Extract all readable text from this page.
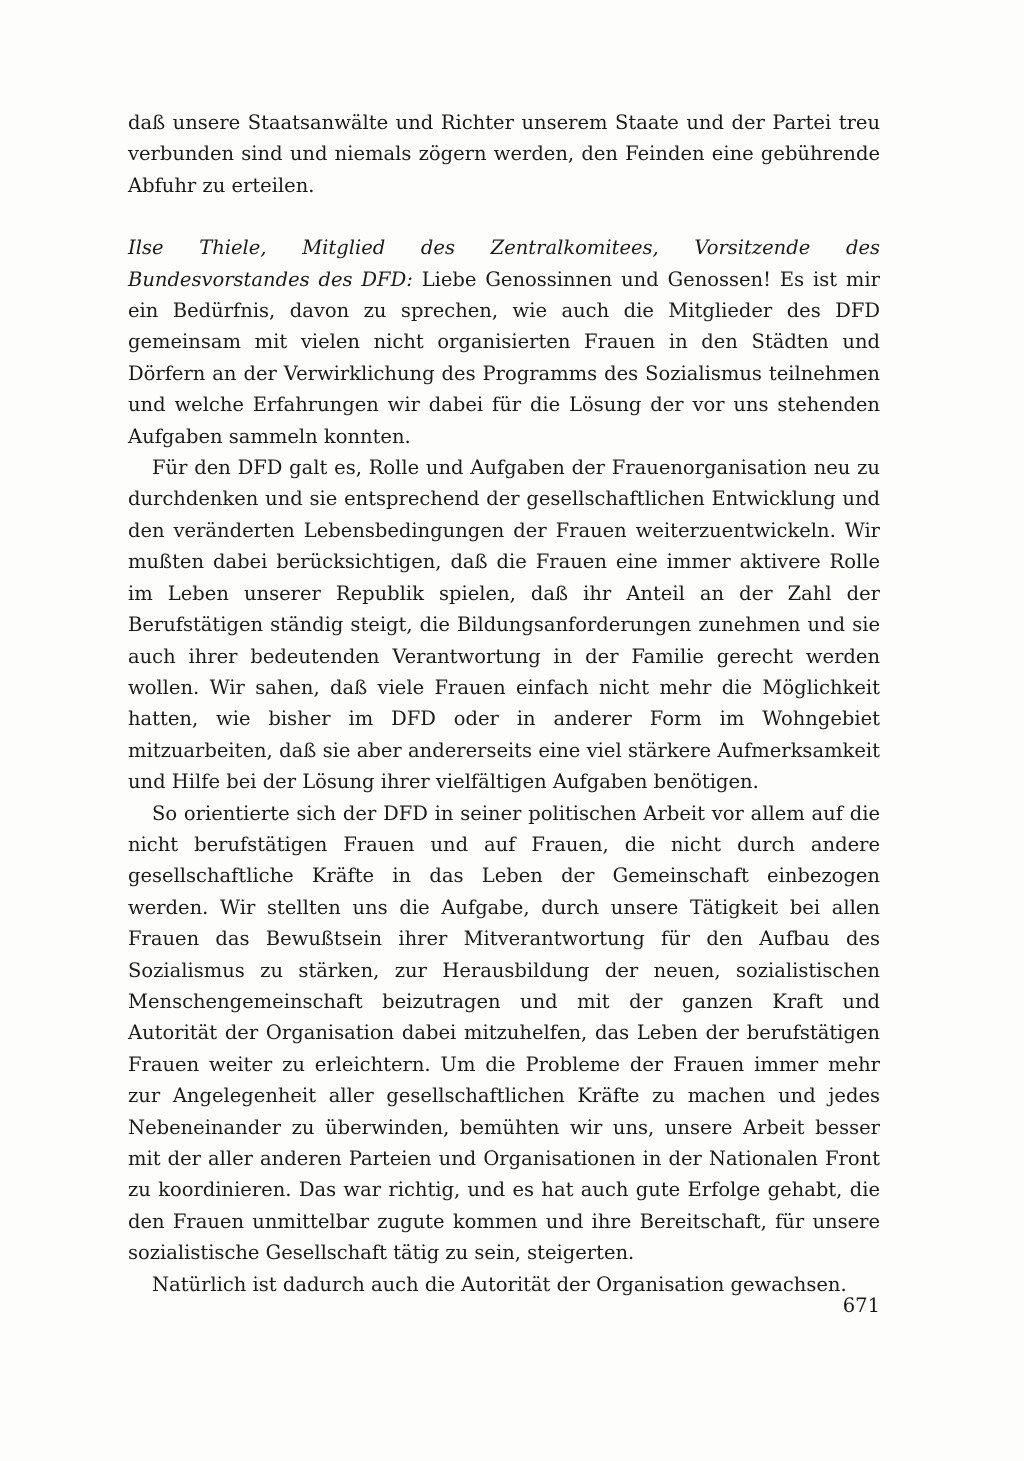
daß unsere Staatsanwälte und Richter unserem Staate und der Partei treu verbunden sind und niemals zögern werden, den Feinden eine gebührende Abfuhr zu erteilen.

Ilse Thiele, Mitglied des Zentralkomitees, Vorsitzende des Bundesvorstandes des DFD: Liebe Genossinnen und Genossen! Es ist mir ein Bedürfnis, davon zu sprechen, wie auch die Mitglieder des DFD gemeinsam mit vielen nicht organisierten Frauen in den Städten und Dörfern an der Verwirklichung des Programms des Sozialismus teilnehmen und welche Erfahrungen wir dabei für die Lösung der vor uns stehenden Aufgaben sammeln konnten.

Für den DFD galt es, Rolle und Aufgaben der Frauenorganisation neu zu durchdenken und sie entsprechend der gesellschaftlichen Entwicklung und den veränderten Lebensbedingungen der Frauen weiterzuentwickeln. Wir mußten dabei berücksichtigen, daß die Frauen eine immer aktivere Rolle im Leben unserer Republik spielen, daß ihr Anteil an der Zahl der Berufstätigen ständig steigt, die Bildungsanforderungen zunehmen und sie auch ihrer bedeutenden Verantwortung in der Familie gerecht werden wollen. Wir sahen, daß viele Frauen einfach nicht mehr die Möglichkeit hatten, wie bisher im DFD oder in anderer Form im Wohngebiet mitzuarbeiten, daß sie aber andererseits eine viel stärkere Aufmerksamkeit und Hilfe bei der Lösung ihrer vielfältigen Aufgaben benötigen.

So orientierte sich der DFD in seiner politischen Arbeit vor allem auf die nicht berufstätigen Frauen und auf Frauen, die nicht durch andere gesellschaftliche Kräfte in das Leben der Gemeinschaft einbezogen werden. Wir stellten uns die Aufgabe, durch unsere Tätigkeit bei allen Frauen das Bewußtsein ihrer Mitverantwortung für den Aufbau des Sozialismus zu stärken, zur Herausbildung der neuen, sozialistischen Menschengemeinschaft beizutragen und mit der ganzen Kraft und Autorität der Organisation dabei mitzuhelfen, das Leben der berufstätigen Frauen weiter zu erleichtern. Um die Probleme der Frauen immer mehr zur Angelegenheit aller gesellschaftlichen Kräfte zu machen und jedes Nebeneinander zu überwinden, bemühten wir uns, unsere Arbeit besser mit der aller anderen Parteien und Organisationen in der Nationalen Front zu koordinieren. Das war richtig, und es hat auch gute Erfolge gehabt, die den Frauen unmittelbar zugute kommen und ihre Bereitschaft, für unsere sozialistische Gesellschaft tätig zu sein, steigerten.

Natürlich ist dadurch auch die Autorität der Organisation gewachsen.

671
